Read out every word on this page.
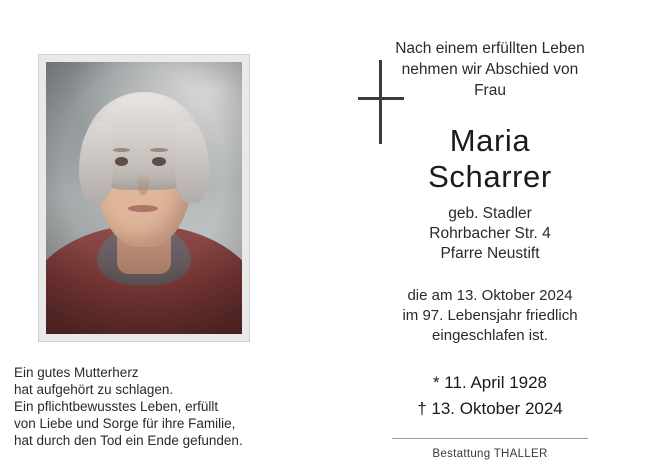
Ein gutes Mutterherz
hat aufgehört zu schlagen.
Ein pflichtbewusstes Leben, erfüllt
von Liebe und Sorge für ihre Familie,
hat durch den Tod ein Ende gefunden.
Nach einem erfüllten Leben
nehmen wir Abschied von
Frau
Maria
Scharrer
geb. Stadler
Rohrbacher Str. 4
Pfarre Neustift
die am 13. Oktober 2024
im 97. Lebensjahr friedlich
eingeschlafen ist.
* 11. April 1928
† 13. Oktober 2024
Bestattung THALLER
